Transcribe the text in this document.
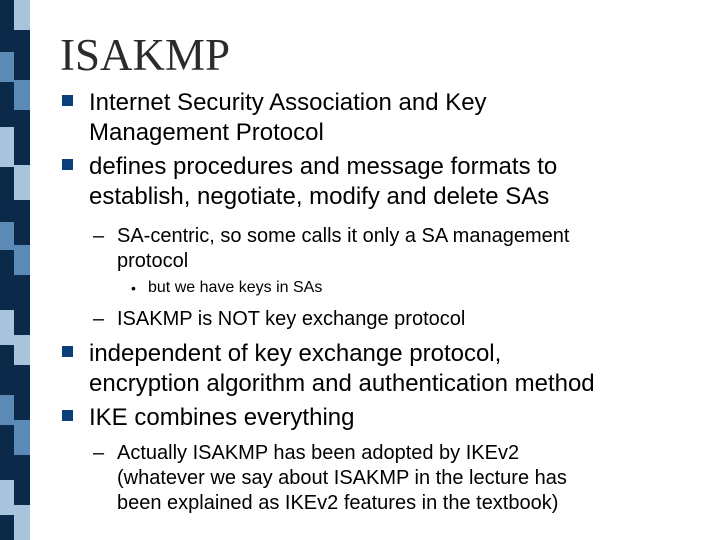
ISAKMP
Internet Security Association and Key
Management Protocol
defines procedures and message formats to
establish, negotiate, modify and delete SAs
– SA-centric, so some calls it only a SA management
protocol
• but we have keys in SAs
– ISAKMP is NOT key exchange protocol
independent of key exchange protocol,
encryption algorithm and authentication method
IKE combines everything
– Actually ISAKMP has been adopted by IKEv2
(whatever we say about ISAKMP in the lecture has
been explained as IKEv2 features in the textbook)
